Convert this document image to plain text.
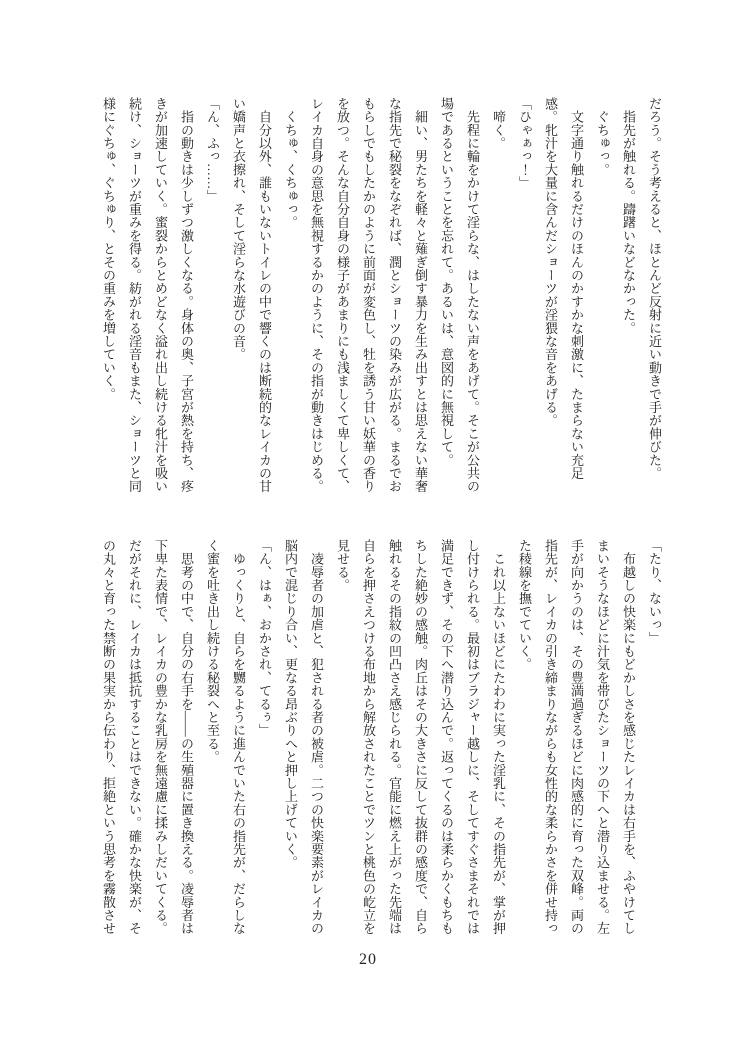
だろう。そう考えると、ほとんど反射に近い動きで手が伸びた。
　指先が触れる。躊躇いなどなかった。
　ぐちゅっ。
　文字通り触れるだけのほんのかすかな刺激に、たまらない充足
感。牝汁を大量に含んだショーツが淫猥な音をあげる。
「ひゃぁっ！」
　啼く。
　先程に輪をかけて淫らな、はしたない声をあげて。そこが公共の
場であるということを忘れて。あるいは、意図的に無視して。
　細い、男たちを軽々と薙ぎ倒す暴力を生み出すとは思えない華奢
な指先で秘裂をなぞれば、潤とショーツの染みが広がる。まるでお
もらしでもしたかのように前面が変色し、牡を誘う甘い妖華の香り
を放つ。そんな自分自身の様子があまりにも浅ましくて卑しくて、
レイカ自身の意思を無視するかのように、その指が動きはじめる。
　くちゅ、くちゅっ。
　自分以外、誰もいないトイレの中で響くのは断続的なレイカの甘
い嬌声と衣擦れ、そして淫らな水遊びの音。
「ん、ふっ……」
　指の動きは少しずつ激しくなる。身体の奥、子宮が熱を持ち、疼
きが加速していく。蜜裂からとめどなく溢れ出し続ける牝汁を吸い
続け、ショーツが重みを得る。紡がれる淫音もまた、ショーツと同
様にぐちゅ、ぐちゅり、とその重みを増していく。
「たり、ないっ」
　布越しの快楽にもどかしさを感じたレイカは右手を、ふやけてし
まいそうなほどに汁気を帯びたショーツの下へと潜り込ませる。左
手が向かうのは、その豊満過ぎるほどに肉感的に育った双峰。両の
指先が、レイカの引き締まりながらも女性的な柔らかさを併せ持っ
た稜線を撫でていく。
　これ以上ないほどにたわわに実った淫乳に、その指先が、掌が押
し付けられる。最初はブラジャー越しに、そしてすぐさまそれでは
満足できず、その下へ潜り込んで。返ってくるのは柔らかくもちも
ちした絶妙の感触。肉丘はその大きさに反して抜群の感度で、自ら
触れるその指紋の凹凸さえ感じられる。官能に燃え上がった先端は
自らを押さえつける布地から解放されたことでツンと桃色の屹立を
見せる。
　凌辱者の加虐と、犯される者の被虐。二つの快楽要素がレイカの
脳内で混じり合い、更なる昂ぶりへと押し上げていく。
「ん、はぁ、おかされ、てるぅ」
　ゆっくりと、自らを嬲るように進んでいた右の指先が、だらしな
く蜜を吐き出し続ける秘裂へと至る。
　思考の中で、自分の右手を――の生殖器に置き換える。凌辱者は
下卑た表情で、レイカの豊かな乳房を無遠慮に揉みしだいてくる。
だがそれに、レイカは抵抗することはできない。確かな快楽が、そ
の丸々と育った禁断の果実から伝わり、拒絶という思考を霧散させ
20
